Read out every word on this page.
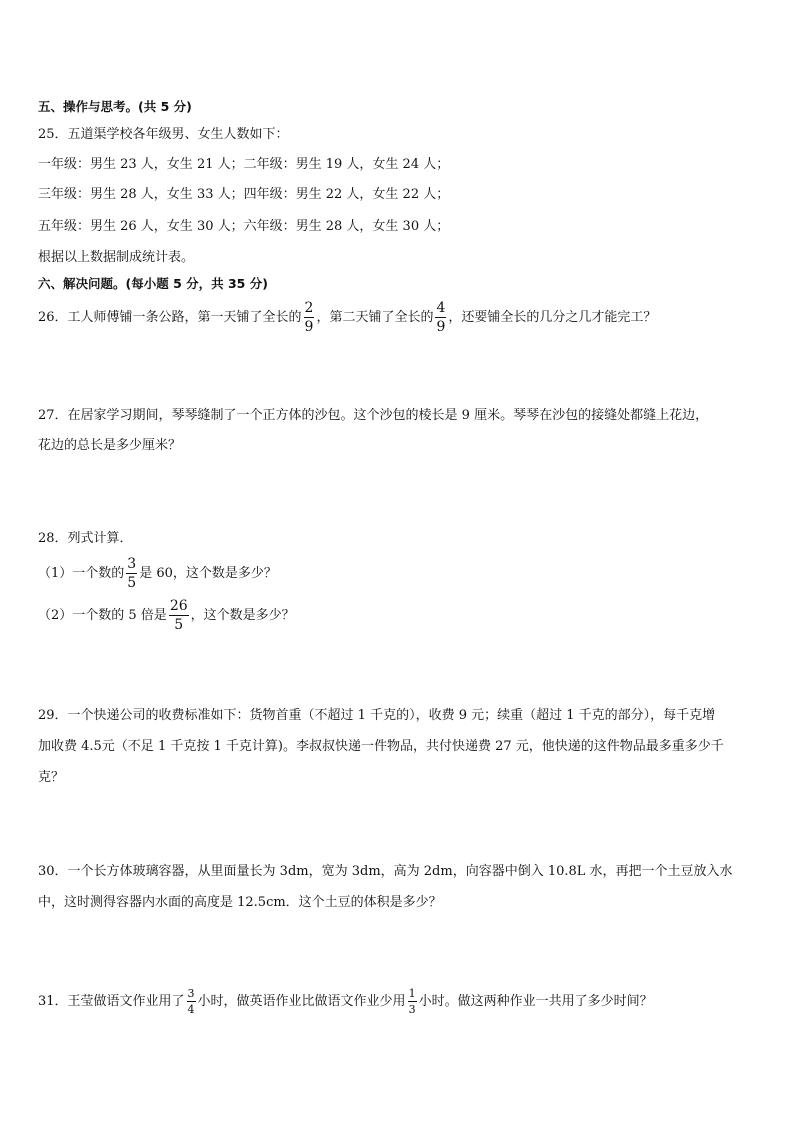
五、操作与思考。(共 5 分)
25．五道渠学校各年级男、女生人数如下：
一年级：男生 23 人，女生 21 人；二年级：男生 19 人，女生 24 人；
三年级：男生 28 人，女生 33 人；四年级：男生 22 人，女生 22 人；
五年级：男生 26 人，女生 30 人；六年级：男生 28 人，女生 30 人；
根据以上数据制成统计表。
六、解决问题。(每小题 5 分，共 35 分)
26．工人师傅铺一条公路，第一天铺了全长的 $\frac{2}{9}$ ，第二天铺了全长的 $\frac{4}{9}$ ，还要铺全长的几分之几才能完工？
27．在居家学习期间，琴琴缝制了一个正方体的沙包。这个沙包的棱长是 9 厘米。琴琴在沙包的接缝处都缝上花边，
花边的总长是多少厘米？
28．列式计算．
（1）一个数的 $\frac{3}{5}$ 是 60，这个数是多少？
（2）一个数的 5 倍是 $\frac{26}{5}$ ，这个数是多少？
29．一个快递公司的收费标准如下：货物首重（不超过 1 千克的），收费 9 元；续重（超过 1 千克的部分），每千克增
加收费 4.5元（不足 1 千克按 1 千克计算)。李叔叔快递一件物品，共付快递费 27 元，他快递的这件物品最多重多少千
克？
30．一个长方体玻璃容器，从里面量长为 3dm，宽为 3dm，高为 2dm，向容器中倒入 10.8L 水，再把一个土豆放入水
中，这时测得容器内水面的高度是 12.5cm．这个土豆的体积是多少？
31．王莹做语文作业用了 $\frac{3}{4}$ 小时，做英语作业比做语文作业少用 $\frac{1}{3}$ 小时。做这两种作业一共用了多少时间？
